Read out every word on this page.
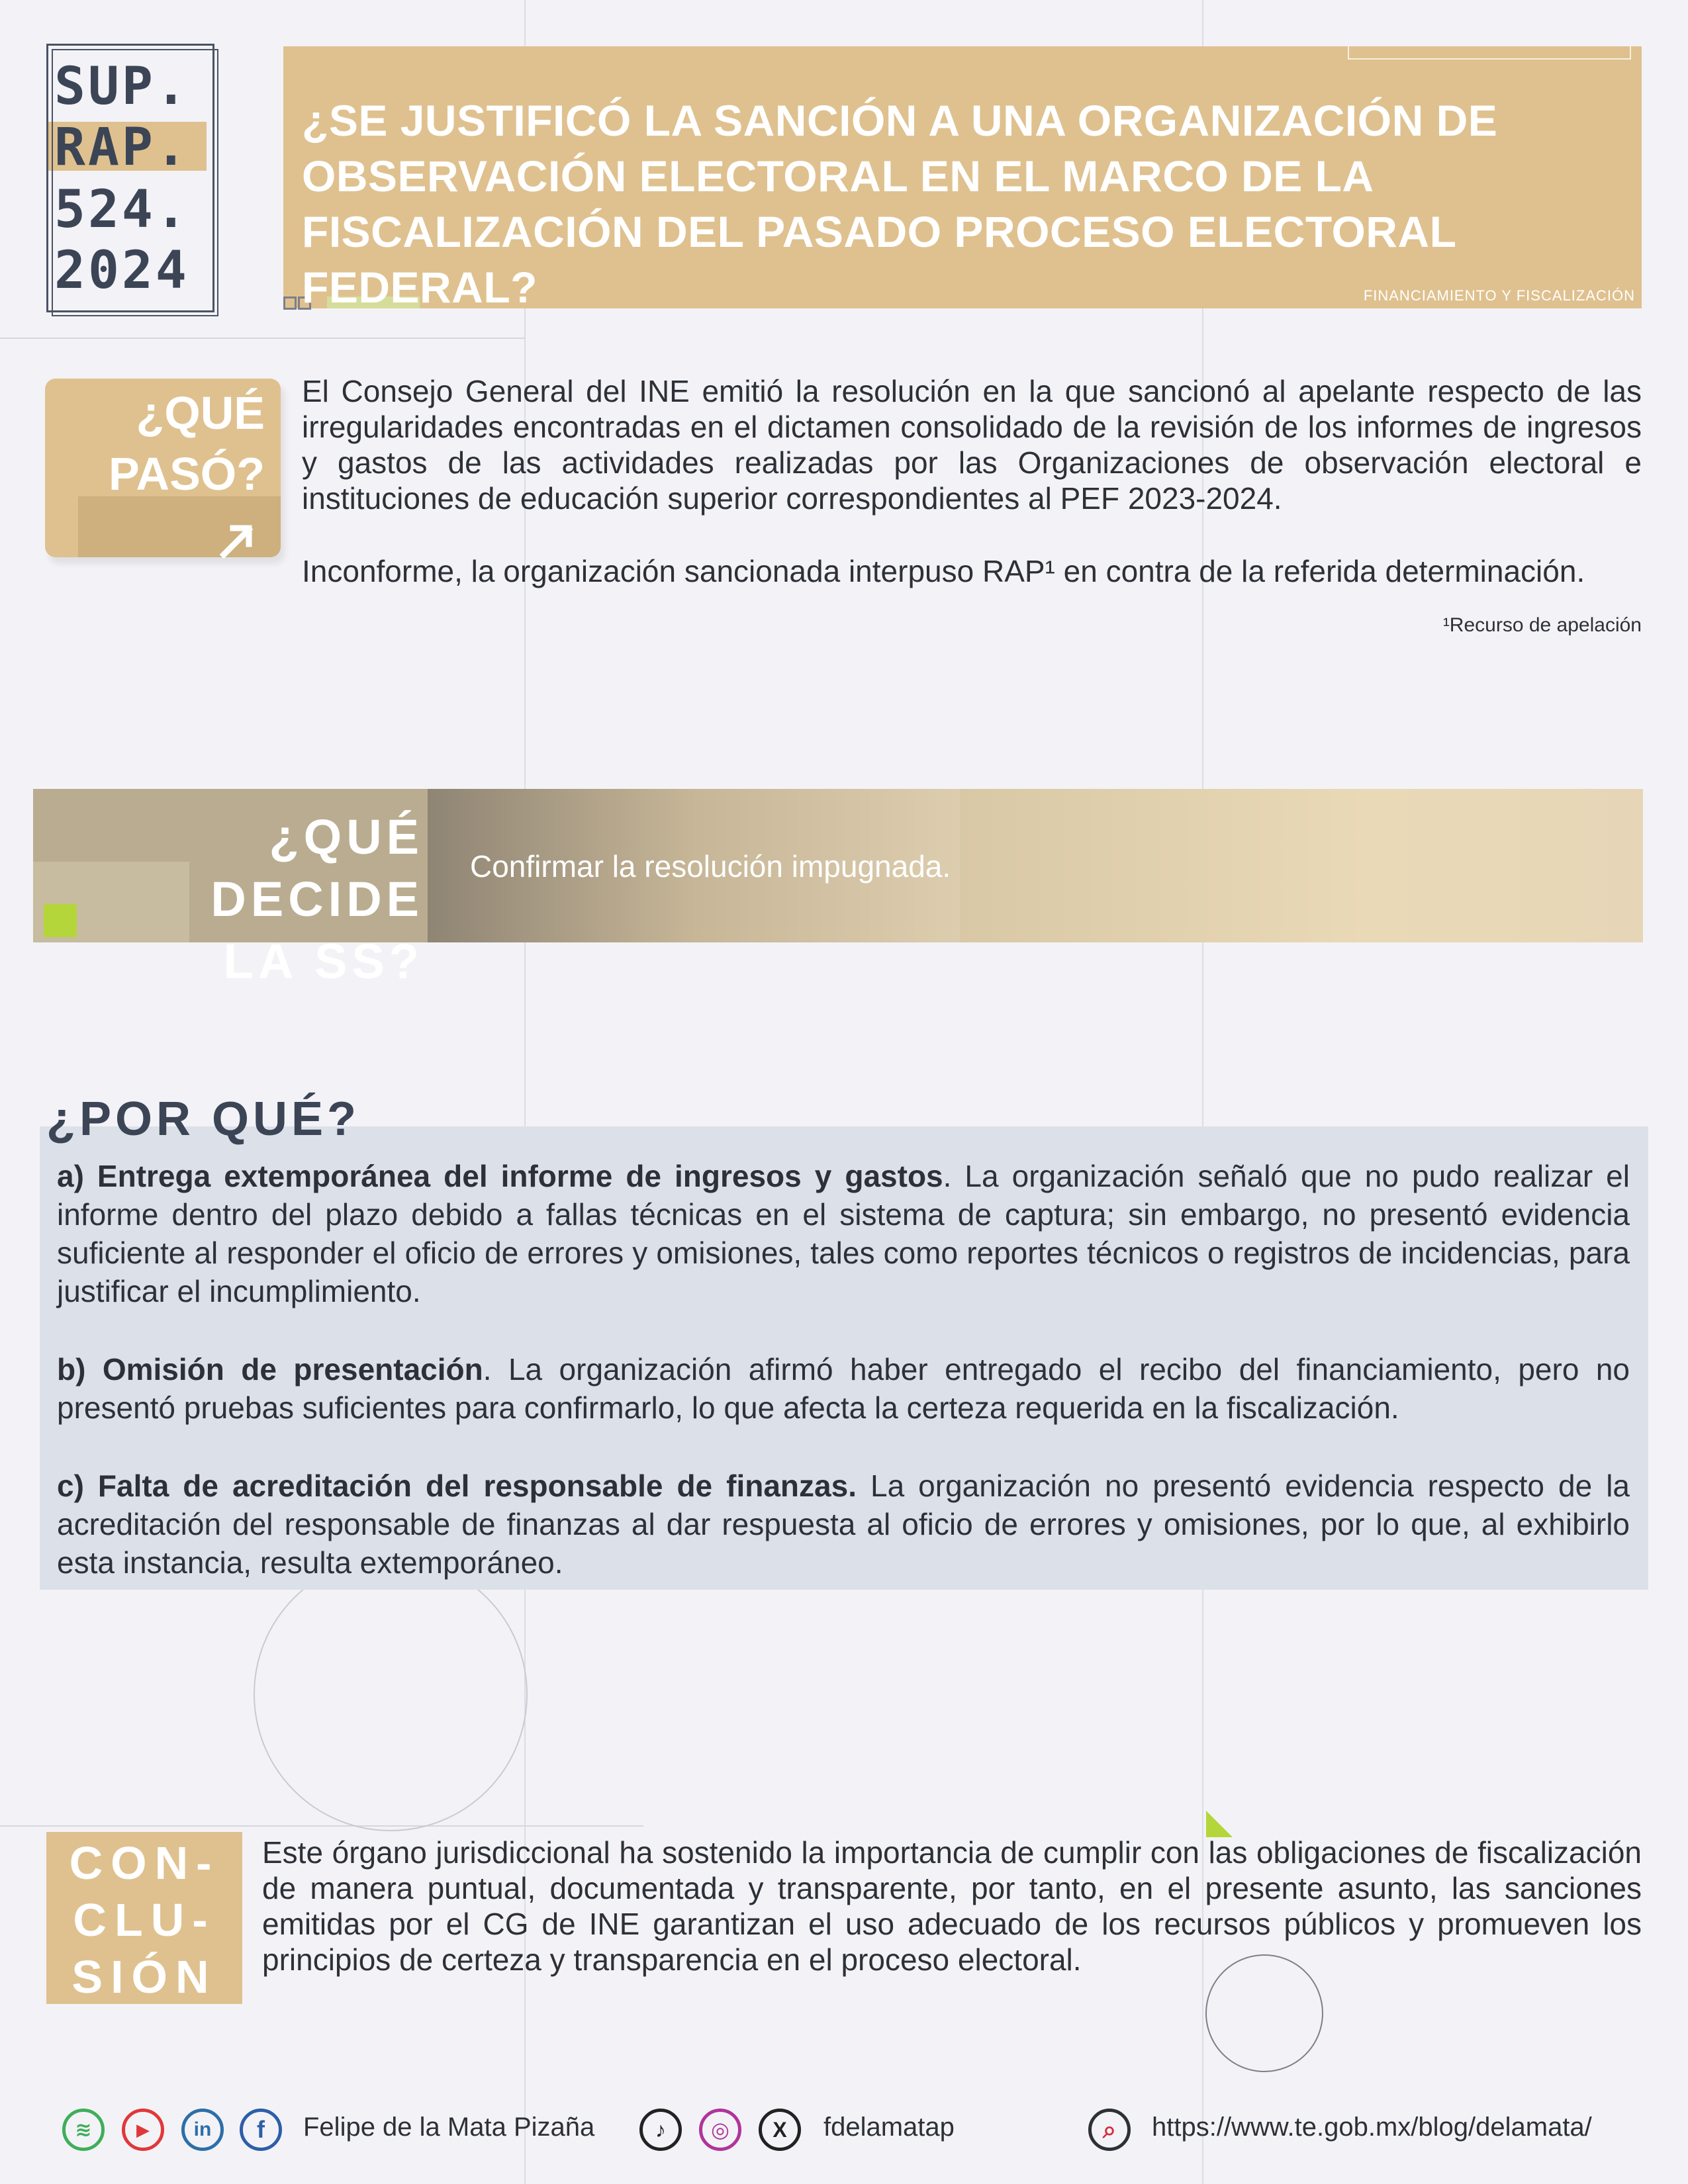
SUP.
RAP.
524.
2024
¿SE JUSTIFICÓ LA SANCIÓN A UNA ORGANIZACIÓN DE OBSERVACIÓN ELECTORAL EN EL MARCO DE LA FISCALIZACIÓN DEL PASADO PROCESO ELECTORAL FEDERAL?	FINANCIAMIENTO Y FISCALIZACIÓN
¿QUÉ
PASÓ?
El Consejo General del INE emitió la resolución en la que sancionó al apelante respecto de las irregularidades encontradas en el dictamen consolidado de la revisión de los informes de ingresos y gastos de las actividades realizadas por las Organizaciones de observación electoral e instituciones de educación superior correspondientes al PEF 2023-2024.
Inconforme, la organización sancionada interpuso RAP¹ en contra de la referida determinación.
¹Recurso de apelación
¿QUÉ DECIDE
LA SS?
Confirmar la resolución impugnada.
¿POR QUÉ?
a) Entrega extemporánea del informe de ingresos y gastos. La organización señaló que no pudo realizar el informe dentro del plazo debido a fallas técnicas en el sistema de captura; sin embargo, no presentó evidencia suficiente al responder el oficio de errores y omisiones, tales como reportes técnicos o registros de incidencias, para justificar el incumplimiento.
b) Omisión de presentación. La organización afirmó haber entregado el recibo del financiamiento, pero no presentó pruebas suficientes para confirmarlo, lo que afecta la certeza requerida en la fiscalización.
c) Falta de acreditación del responsable de finanzas. La organización no presentó evidencia respecto de la acreditación del responsable de finanzas al dar respuesta al oficio de errores y omisiones, por lo que, al exhibirlo esta instancia, resulta extemporáneo.
CON-
CLU-
SIÓN
Este órgano jurisdiccional ha sostenido la importancia de cumplir con las obligaciones de fiscalización de manera puntual, documentada y transparente, por tanto, en el presente asunto, las sanciones emitidas por el CG de INE garantizan el uso adecuado de los recursos públicos y promueven los principios de certeza y transparencia en el proceso electoral.
≋	▶	in	f	Felipe de la Mata Pizaña	♪	◎	X	fdelamatap	⌕	https://www.te.gob.mx/blog/delamata/
